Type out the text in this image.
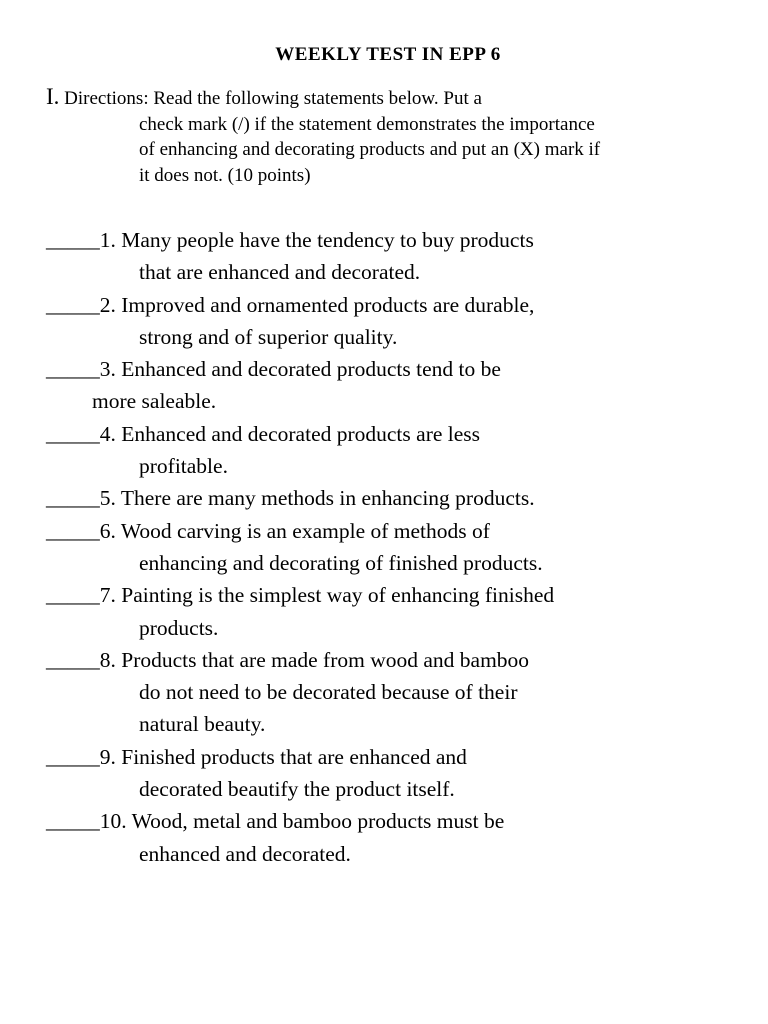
WEEKLY TEST IN EPP 6
I. Directions: Read the following statements below. Put a
check mark (/) if the statement demonstrates the importance
of enhancing and decorating products and put an (X) mark if
it does not. (10 points)
_____1. Many people have the tendency to buy products
that are enhanced and decorated.
_____2. Improved and ornamented products are durable,
strong and of superior quality.
_____3. Enhanced and decorated products tend to be
more saleable.
_____4. Enhanced and decorated products are less
profitable.
_____5. There are many methods in enhancing products.
_____6. Wood carving is an example of methods of
enhancing and decorating of finished products.
_____7. Painting is the simplest way of enhancing finished
products.
_____8. Products that are made from wood and bamboo
do not need to be decorated because of their
natural beauty.
_____9. Finished products that are enhanced and
decorated beautify the product itself.
_____10. Wood, metal and bamboo products must be
enhanced and decorated.
